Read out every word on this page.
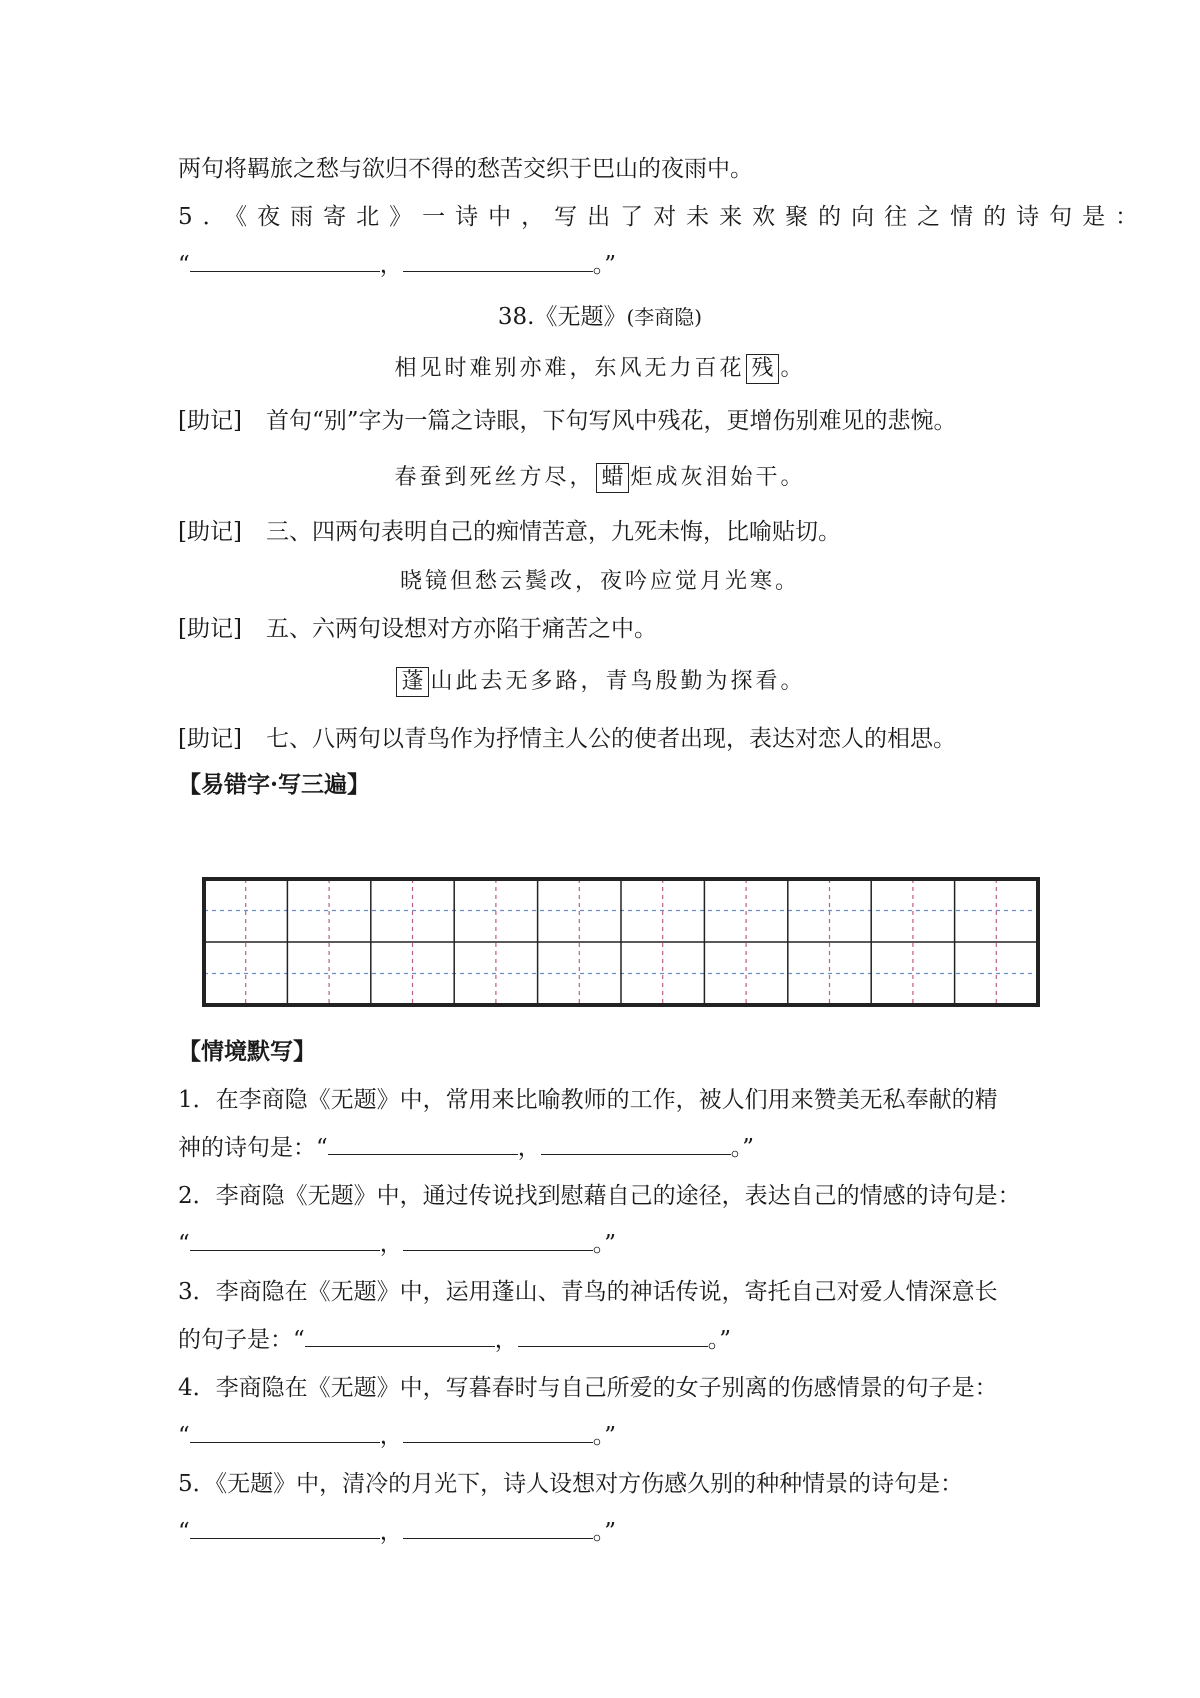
两句将羁旅之愁与欲归不得的愁苦交织于巴山的夜雨中。
5．《夜雨寄北》一诗中，写出了对未来欢聚的向往之情的诗句是：
“	，	。”
38.《无题》(李商隐)
相见时难别亦难，东风无力百花 残 。
[助记] 首句“别”字为一篇之诗眼，下句写风中残花，更增伤别难见的悲惋。
春蚕到死丝方尽， 蜡 炬成灰泪始干。
[助记] 三、四两句表明自己的痴情苦意，九死未悔，比喻贴切。
晓镜但愁云鬓改，夜吟应觉月光寒。
[助记] 五、六两句设想对方亦陷于痛苦之中。
蓬 山此去无多路，青鸟殷勤为探看。
[助记] 七、八两句以青鸟作为抒情主人公的使者出现，表达对恋人的相思。
【易错字·写三遍】
【情境默写】
1．在李商隐《无题》中，常用来比喻教师的工作，被人们用来赞美无私奉献的精
神的诗句是：“	，	。”
2．李商隐《无题》中，通过传说找到慰藉自己的途径，表达自己的情感的诗句是：
“	，	。”
3．李商隐在《无题》中，运用蓬山、青鸟的神话传说，寄托自己对爱人情深意长
的句子是：“	，	。”
4．李商隐在《无题》中，写暮春时与自己所爱的女子别离的伤感情景的句子是：
“	，	。”
5．《无题》中，清冷的月光下，诗人设想对方伤感久别的种种情景的诗句是：
“	，	。”
